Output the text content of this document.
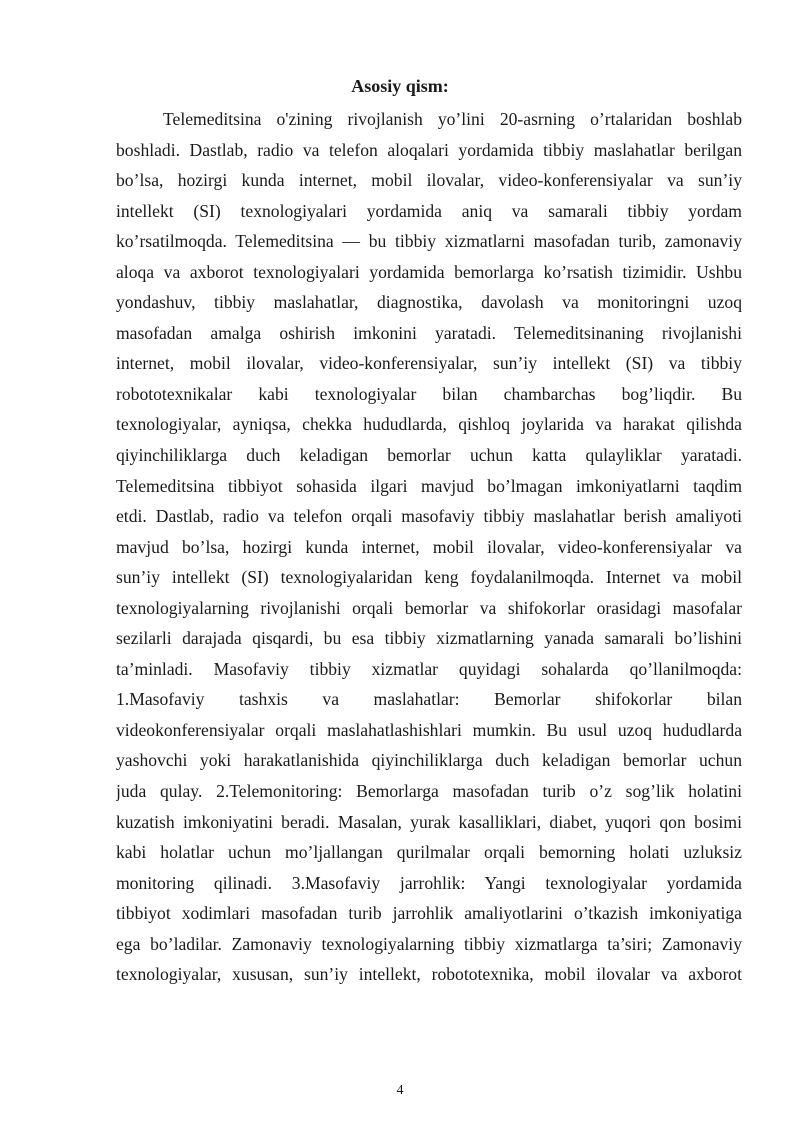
Asosiy qism:
Telemeditsina o'zining rivojlanish yo’lini 20-asrning o’rtalaridan boshlab
boshladi. Dastlab, radio va telefon aloqalari yordamida tibbiy maslahatlar berilgan
bo’lsa, hozirgi kunda internet, mobil ilovalar, video-konferensiyalar va sun’iy
intellekt (SI) texnologiyalari yordamida aniq va samarali tibbiy yordam
ko’rsatilmoqda. Telemeditsina — bu tibbiy xizmatlarni masofadan turib, zamonaviy
aloqa va axborot texnologiyalari yordamida bemorlarga ko’rsatish tizimidir. Ushbu
yondashuv, tibbiy maslahatlar, diagnostika, davolash va monitoringni uzoq
masofadan amalga oshirish imkonini yaratadi. Telemeditsinaning rivojlanishi
internet, mobil ilovalar, video-konferensiyalar, sun’iy intellekt (SI) va tibbiy
robototexnikalar kabi texnologiyalar bilan chambarchas bog’liqdir. Bu
texnologiyalar, ayniqsa, chekka hududlarda, qishloq joylarida va harakat qilishda
qiyinchiliklarga duch keladigan bemorlar uchun katta qulayliklar yaratadi.
Telemeditsina tibbiyot sohasida ilgari mavjud bo’lmagan imkoniyatlarni taqdim
etdi. Dastlab, radio va telefon orqali masofaviy tibbiy maslahatlar berish amaliyoti
mavjud bo’lsa, hozirgi kunda internet, mobil ilovalar, video-konferensiyalar va
sun’iy intellekt (SI) texnologiyalaridan keng foydalanilmoqda. Internet va mobil
texnologiyalarning rivojlanishi orqali bemorlar va shifokorlar orasidagi masofalar
sezilarli darajada qisqardi, bu esa tibbiy xizmatlarning yanada samarali bo’lishini
ta’minladi. Masofaviy tibbiy xizmatlar quyidagi sohalarda qo’llanilmoqda:
1.Masofaviy tashxis va maslahatlar: Bemorlar shifokorlar bilan
videokonferensiyalar orqali maslahatlashishlari mumkin. Bu usul uzoq hududlarda
yashovchi yoki harakatlanishida qiyinchiliklarga duch keladigan bemorlar uchun
juda qulay. 2.Telemonitoring: Bemorlarga masofadan turib o’z sog’lik holatini
kuzatish imkoniyatini beradi. Masalan, yurak kasalliklari, diabet, yuqori qon bosimi
kabi holatlar uchun mo’ljallangan qurilmalar orqali bemorning holati uzluksiz
monitoring qilinadi. 3.Masofaviy jarrohlik: Yangi texnologiyalar yordamida
tibbiyot xodimlari masofadan turib jarrohlik amaliyotlarini o’tkazish imkoniyatiga
ega bo’ladilar. Zamonaviy texnologiyalarning tibbiy xizmatlarga ta’siri; Zamonaviy
texnologiyalar, xususan, sun’iy intellekt, robototexnika, mobil ilovalar va axborot
4
